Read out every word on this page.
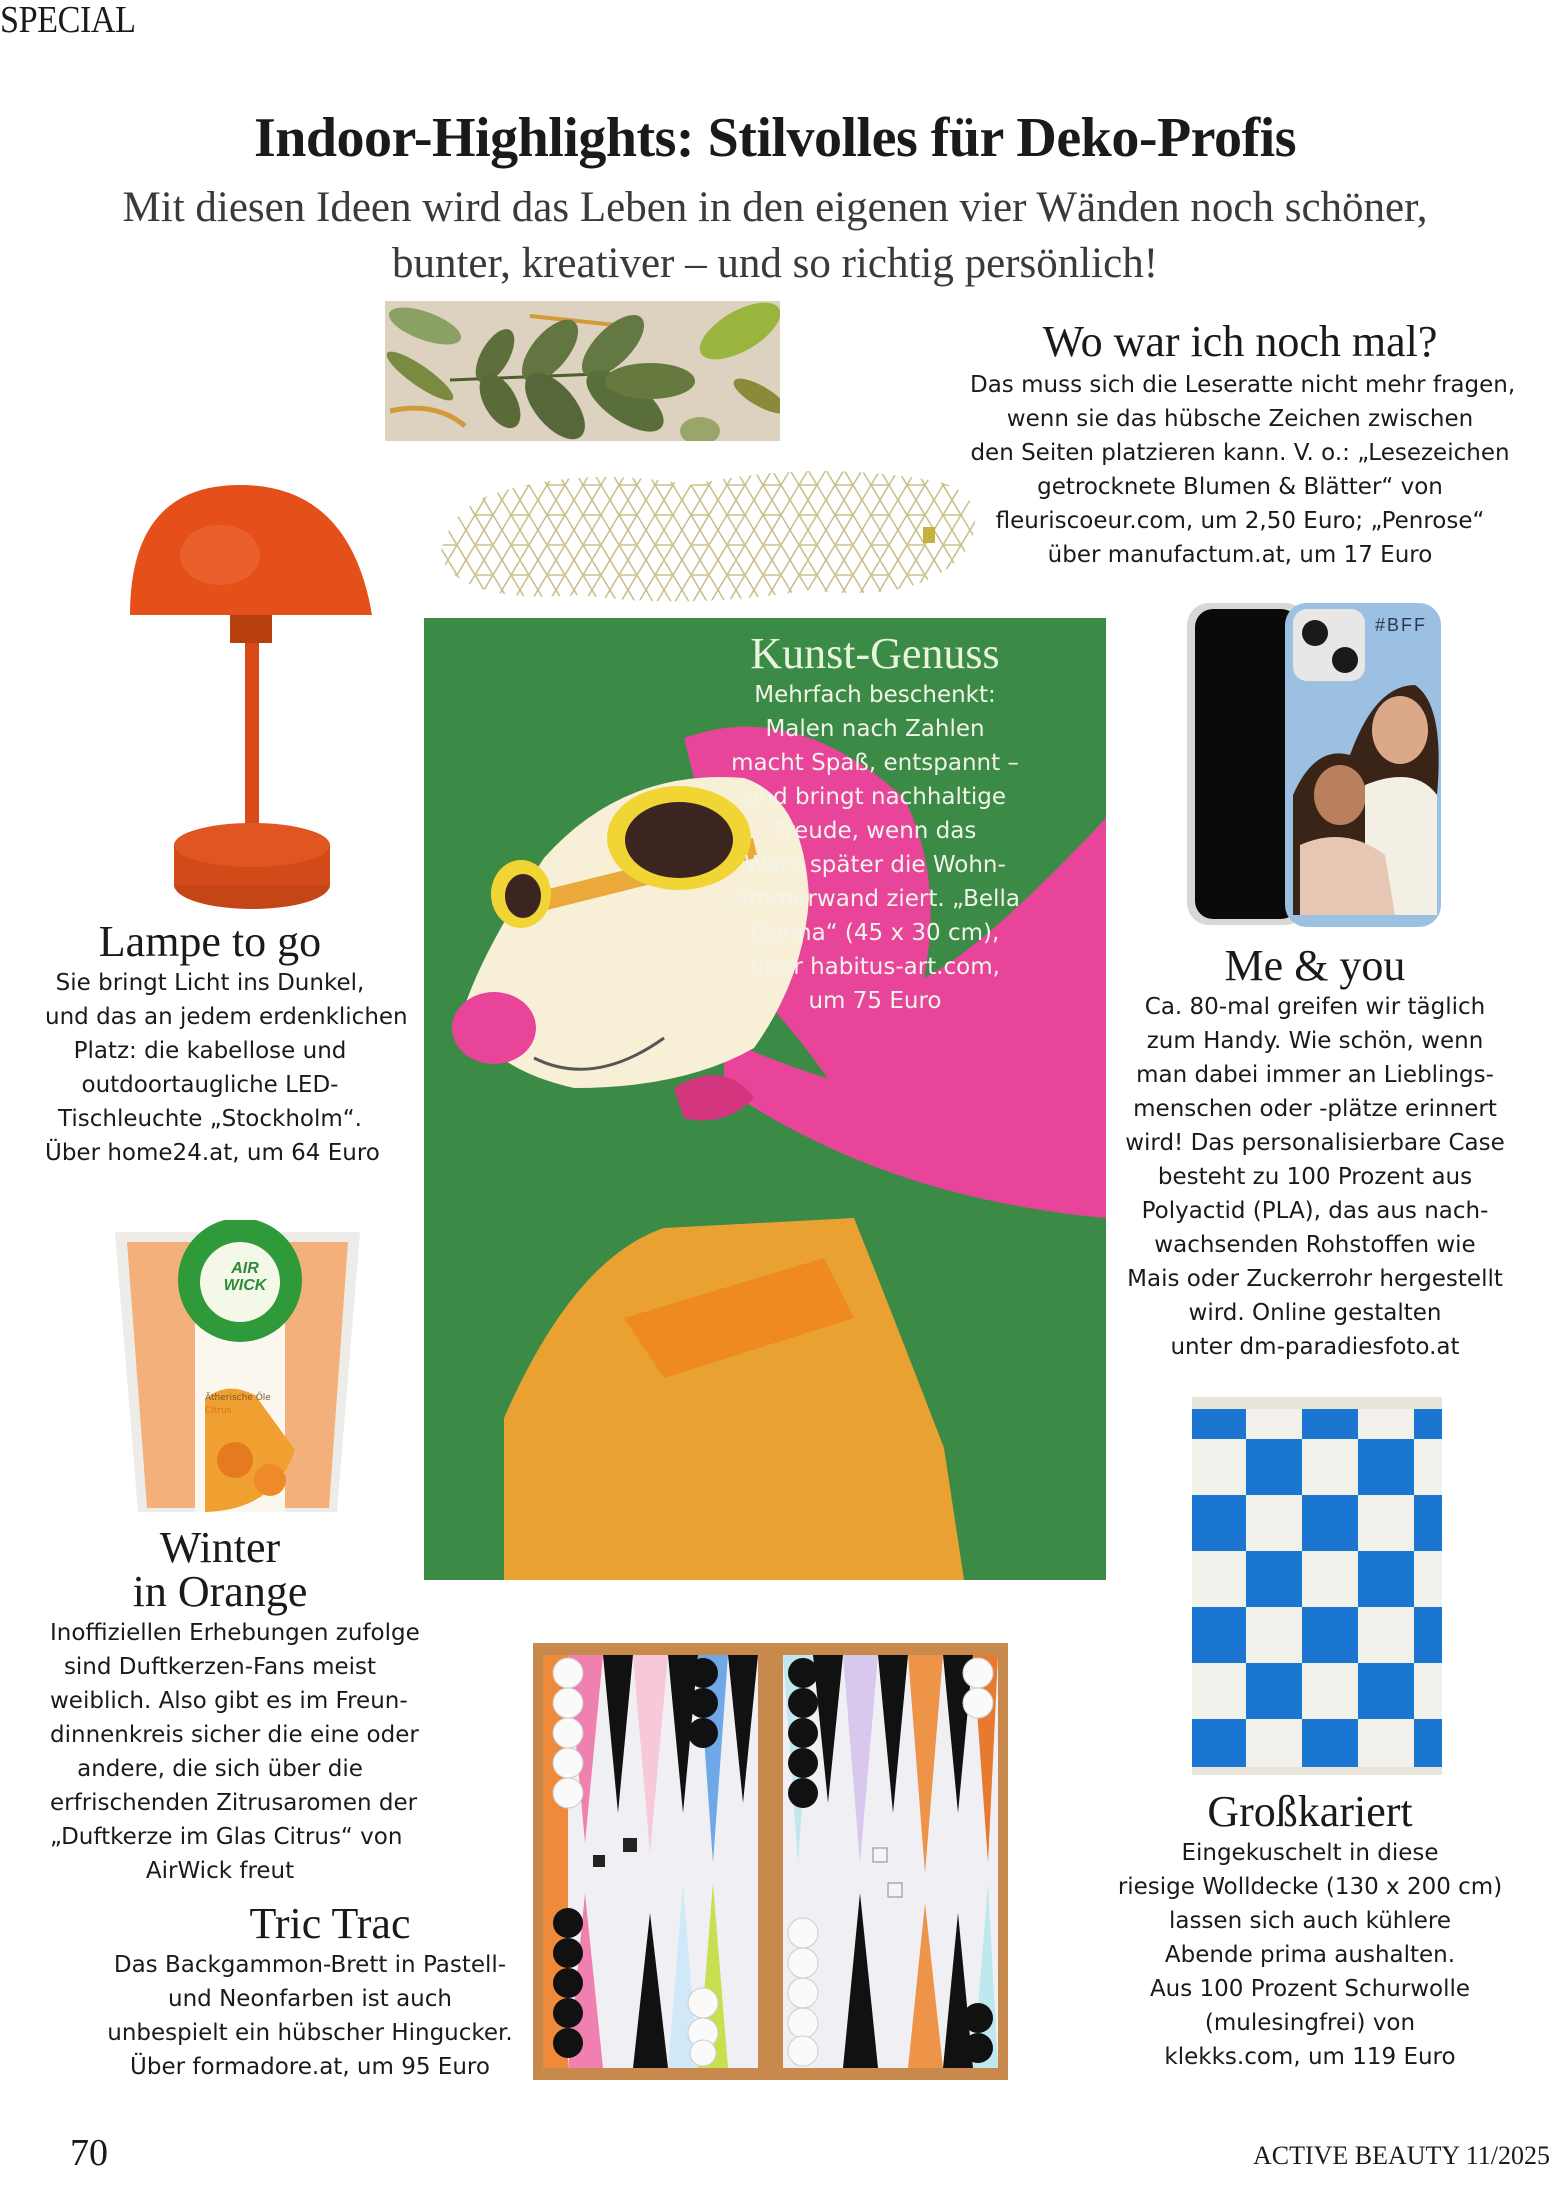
SPECIAL
Indoor-Highlights: Stilvolles für Deko-Profis
Mit diesen Ideen wird das Leben in den eigenen vier Wänden noch schöner,
bunter, kreativer – und so richtig persönlich!
Wo war ich noch mal?
Das muss sich die Leseratte nicht mehr fragen,
wenn sie das hübsche Zeichen zwischen
den Seiten platzieren kann. V. o.: „Lesezeichen
getrocknete Blumen & Blätter“ von
fleuriscoeur.com, um 2,50 Euro; „Penrose“
über manufactum.at, um 17 Euro
Lampe to go
Sie bringt Licht ins Dunkel,
und das an jedem erdenklichen
Platz: die kabellose und
outdoortaugliche LED-
Tischleuchte „Stockholm“.
Über home24.at, um 64 Euro
Kunst-Genuss
Mehrfach beschenkt:
Malen nach Zahlen
macht Spaß, entspannt –
und bringt nachhaltige
Freude, wenn das
Werk später die Wohn-
zimmerwand ziert. „Bella
Donna“ (45 x 30 cm),
über habitus-art.com,
um 75 Euro
#BFF
Me & you
Ca. 80-mal greifen wir täglich
zum Handy. Wie schön, wenn
man dabei immer an Lieblings-
menschen oder -plätze erinnert
wird! Das personalisierbare Case
besteht zu 100 Prozent aus
Polyactid (PLA), das aus nach-
wachsenden Rohstoffen wie
Mais oder Zuckerrohr hergestellt
wird. Online gestalten
unter dm-paradiesfoto.at
AIR
WICK
Ätherische Öle
Citrus
Winter
in Orange
Inoffiziellen Erhebungen zufolge
sind Duftkerzen-Fans meist
weiblich. Also gibt es im Freun-
dinnenkreis sicher die eine oder
andere, die sich über die
erfrischenden Zitrusaromen der
„Duftkerze im Glas Citrus“ von
AirWick freut
Tric Trac
Das Backgammon-Brett in Pastell-
und Neonfarben ist auch
unbespielt ein hübscher Hingucker.
Über formadore.at, um 95 Euro
Großkariert
Eingekuschelt in diese
riesige Wolldecke (130 x 200 cm)
lassen sich auch kühlere
Abende prima aushalten.
Aus 100 Prozent Schurwolle
(mulesingfrei) von
klekks.com, um 119 Euro
70	ACTIVE BEAUTY 11/2025
